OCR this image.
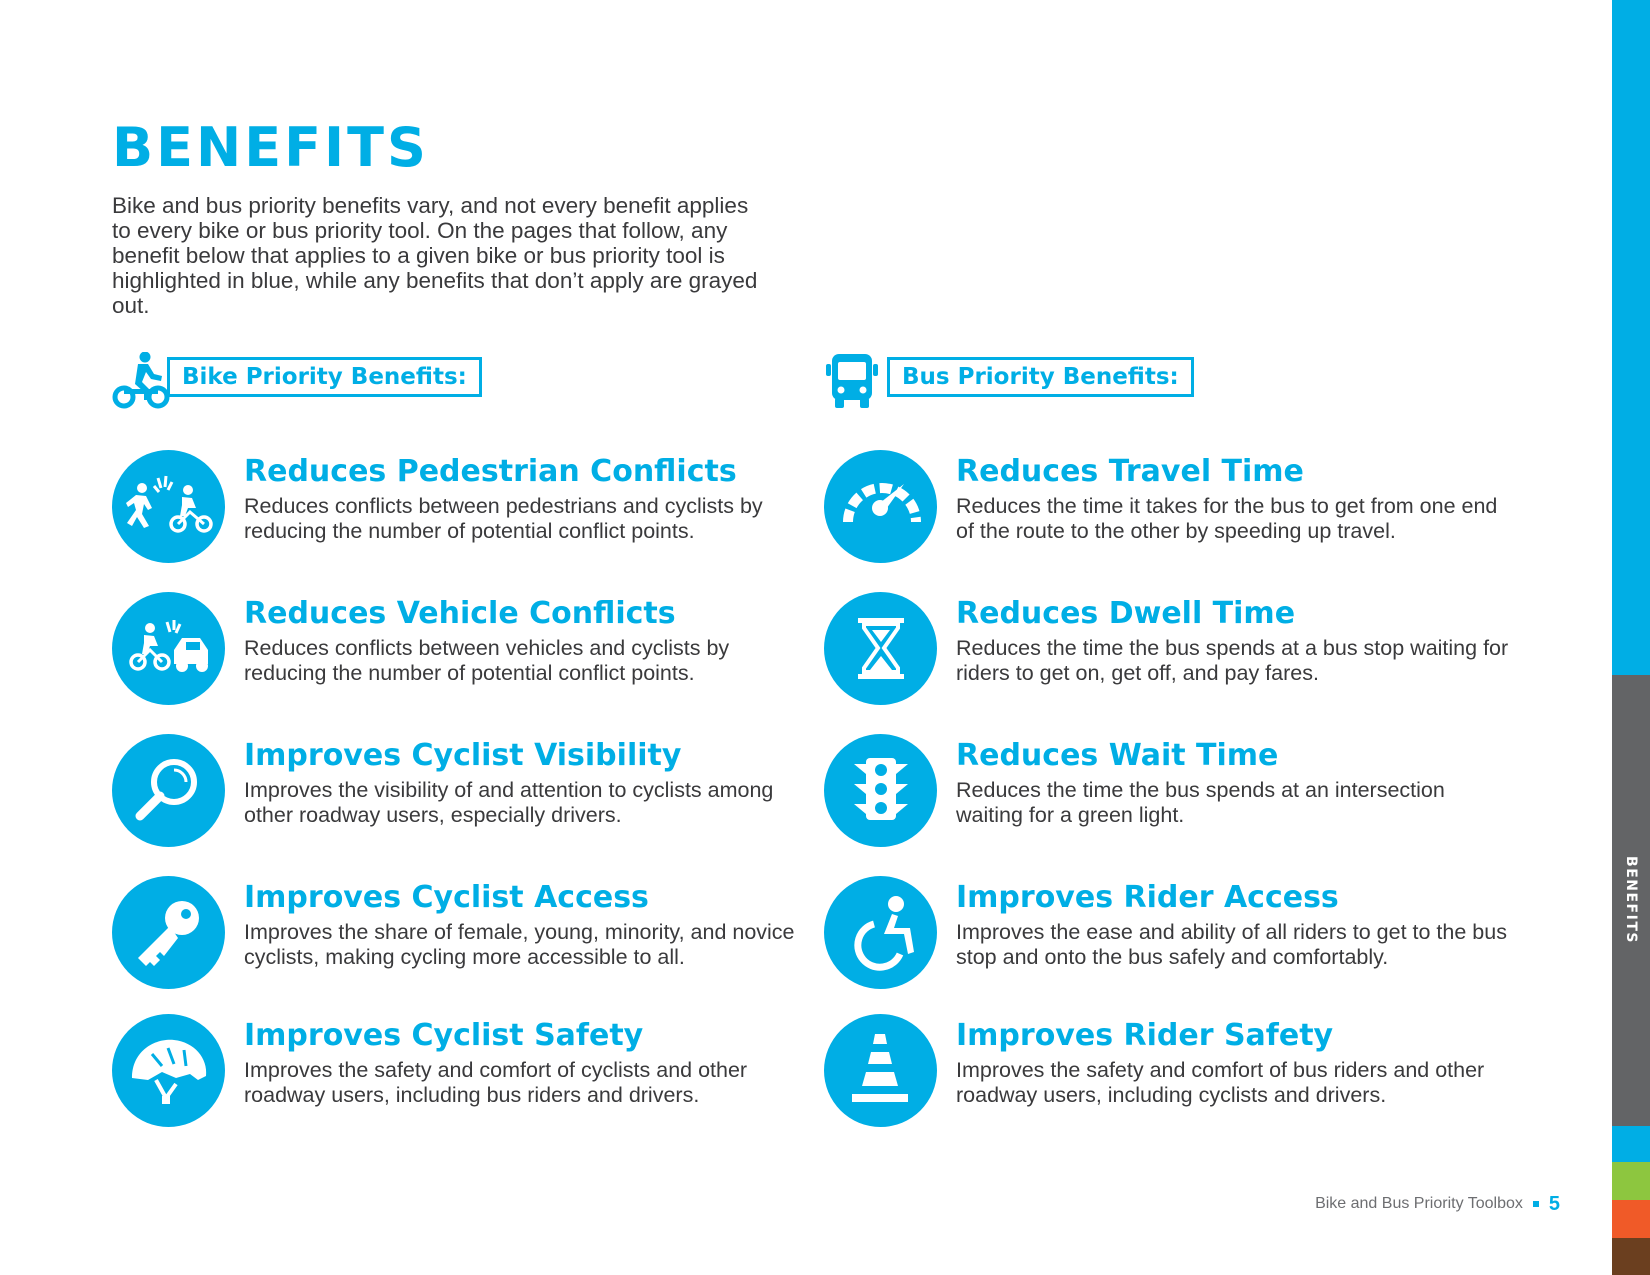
BENEFITS

Bike and bus priority benefits vary, and not every benefit applies to every bike or bus priority tool. On the pages that follow, any benefit below that applies to a given bike or bus priority tool is highlighted in blue, while any benefits that don’t apply are grayed out.

Bike Priority Benefits:	Bus Priority Benefits:
Reduces Pedestrian Conflicts

Reduces conflicts between pedestrians and cyclists by reducing the number of potential conflict points.

Reduces Vehicle Conflicts

Reduces conflicts between vehicles and cyclists by reducing the number of potential conflict points.

Improves Cyclist Visibility

Improves the visibility of and attention to cyclists among other roadway users, especially drivers.

Improves Cyclist Access

Improves the share of female, young, minority, and novice cyclists, making cycling more accessible to all.

Improves Cyclist Safety

Improves the safety and comfort of cyclists and other roadway users, including bus riders and drivers.

Reduces Travel Time

Reduces the time it takes for the bus to get from one end of the route to the other by speeding up travel.

Reduces Dwell Time

Reduces the time the bus spends at a bus stop waiting for riders to get on, get off, and pay fares.

Reduces Wait Time

Reduces the time the bus spends at an intersection waiting for a green light.

Improves Rider Access

Improves the ease and ability of all riders to get to the bus stop and onto the bus safely and comfortably.

Improves Rider Safety

Improves the safety and comfort of bus riders and other roadway users, including cyclists and drivers.

BENEFITS
Bike and Bus Priority Toolbox 5
